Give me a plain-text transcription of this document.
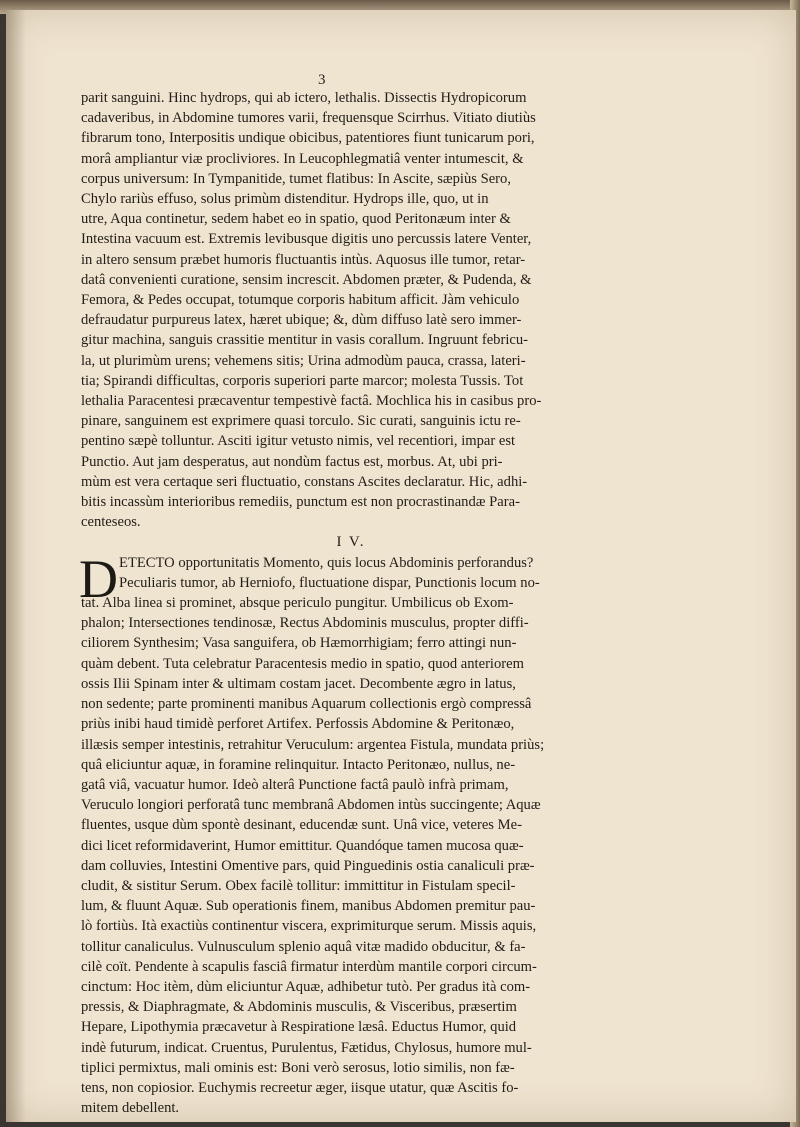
3
parit sanguini. Hinc hydrops, qui ab ictero, lethalis. Dissectis Hydropicorum
cadaveribus, in Abdomine tumores varii, frequensque Scirrhus. Vitiato diutiùs
fibrarum tono, Interpositis undique obicibus, patentiores fiunt tunicarum pori,
morâ ampliantur viæ procliviores. In Leucophlegmatiâ venter intumescit, &
corpus universum: In Tympanitide, tumet flatibus: In Ascite, sæpiùs Sero,
Chylo rariùs effuso, solus primùm distenditur. Hydrops ille, quo, ut in
utre, Aqua continetur, sedem habet eo in spatio, quod Peritonæum inter &
Intestina vacuum est. Extremis levibusque digitis uno percussis latere Venter,
in altero sensum præbet humoris fluctuantis intùs. Aquosus ille tumor, retar-
datâ convenienti curatione, sensim increscit. Abdomen præter, & Pudenda, &
Femora, & Pedes occupat, totumque corporis habitum afficit. Jàm vehiculo
defraudatur purpureus latex, hæret ubique; &, dùm diffuso latè sero immer-
gitur machina, sanguis crassitie mentitur in vasis corallum. Ingruunt febricu-
la, ut plurimùm urens; vehemens sitis; Urina admodùm pauca, crassa, lateri-
tia; Spirandi difficultas, corporis superiori parte marcor; molesta Tussis. Tot
lethalia Paracentesi præcaventur tempestivè factâ. Mochlica his in casibus pro-
pinare, sanguinem est exprimere quasi torculo. Sic curati, sanguinis ictu re-
pentino sæpè tolluntur. Asciti igitur vetusto nimis, vel recentiori, impar est
Punctio. Aut jam desperatus, aut nondùm factus est, morbus. At, ubi pri-
mùm est vera certaque seri fluctuatio, constans Ascites declaratur. Hic, adhi-
bitis incassùm interioribus remediis, punctum est non procrastinandæ Para-
centeseos.
I V.
D ETECTO opportunitatis Momento, quis locus Abdominis perforandus?
Peculiaris tumor, ab Herniofo, fluctuatione dispar, Punctionis locum no-
tat. Alba linea si prominet, absque periculo pungitur. Umbilicus ob Exom-
phalon; Intersectiones tendinosæ, Rectus Abdominis musculus, propter diffi-
ciliorem Synthesim; Vasa sanguifera, ob Hæmorrhigiam; ferro attingi nun-
quàm debent. Tuta celebratur Paracentesis medio in spatio, quod anteriorem
ossis Ilii Spinam inter & ultimam costam jacet. Decombente ægro in latus,
non sedente; parte prominenti manibus Aquarum collectionis ergò compressâ
priùs inibi haud timidè perforet Artifex. Perfossis Abdomine & Peritonæo,
illæsis semper intestinis, retrahitur Veruculum: argentea Fistula, mundata priùs;
quâ eliciuntur aquæ, in foramine relinquitur. Intacto Peritonæo, nullus, ne-
gatâ viâ, vacuatur humor. Ideò alterâ Punctione factâ paulò infrà primam,
Veruculo longiori perforatâ tunc membranâ Abdomen intùs succingente; Aquæ
fluentes, usque dùm spontè desinant, educendæ sunt. Unâ vice, veteres Me-
dici licet reformidaverint, Humor emittitur. Quandóque tamen mucosa quæ-
dam colluvies, Intestini Omentive pars, quid Pinguedinis ostia canaliculi præ-
cludit, & sistitur Serum. Obex facilè tollitur: immittitur in Fistulam specil-
lum, & fluunt Aquæ. Sub operationis finem, manibus Abdomen premitur pau-
lò fortiùs. Ità exactiùs continentur viscera, exprimiturque serum. Missis aquis,
tollitur canaliculus. Vulnusculum splenio aquâ vitæ madido obducitur, & fa-
cilè coït. Pendente à scapulis fasciâ firmatur interdùm mantile corpori circum-
cinctum: Hoc itèm, dùm eliciuntur Aquæ, adhibetur tutò. Per gradus ità com-
pressis, & Diaphragmate, & Abdominis musculis, & Visceribus, præsertim
Hepare, Lipothymia præcavetur à Respiratione læsâ. Eductus Humor, quid
indè futurum, indicat. Cruentus, Purulentus, Fætidus, Chylosus, humore mul-
tiplici permixtus, mali ominis est: Boni verò serosus, lotio similis, non fæ-
tens, non copiosior. Euchymis recreetur æger, iisque utatur, quæ Ascitis fo-
mitem debellent.
